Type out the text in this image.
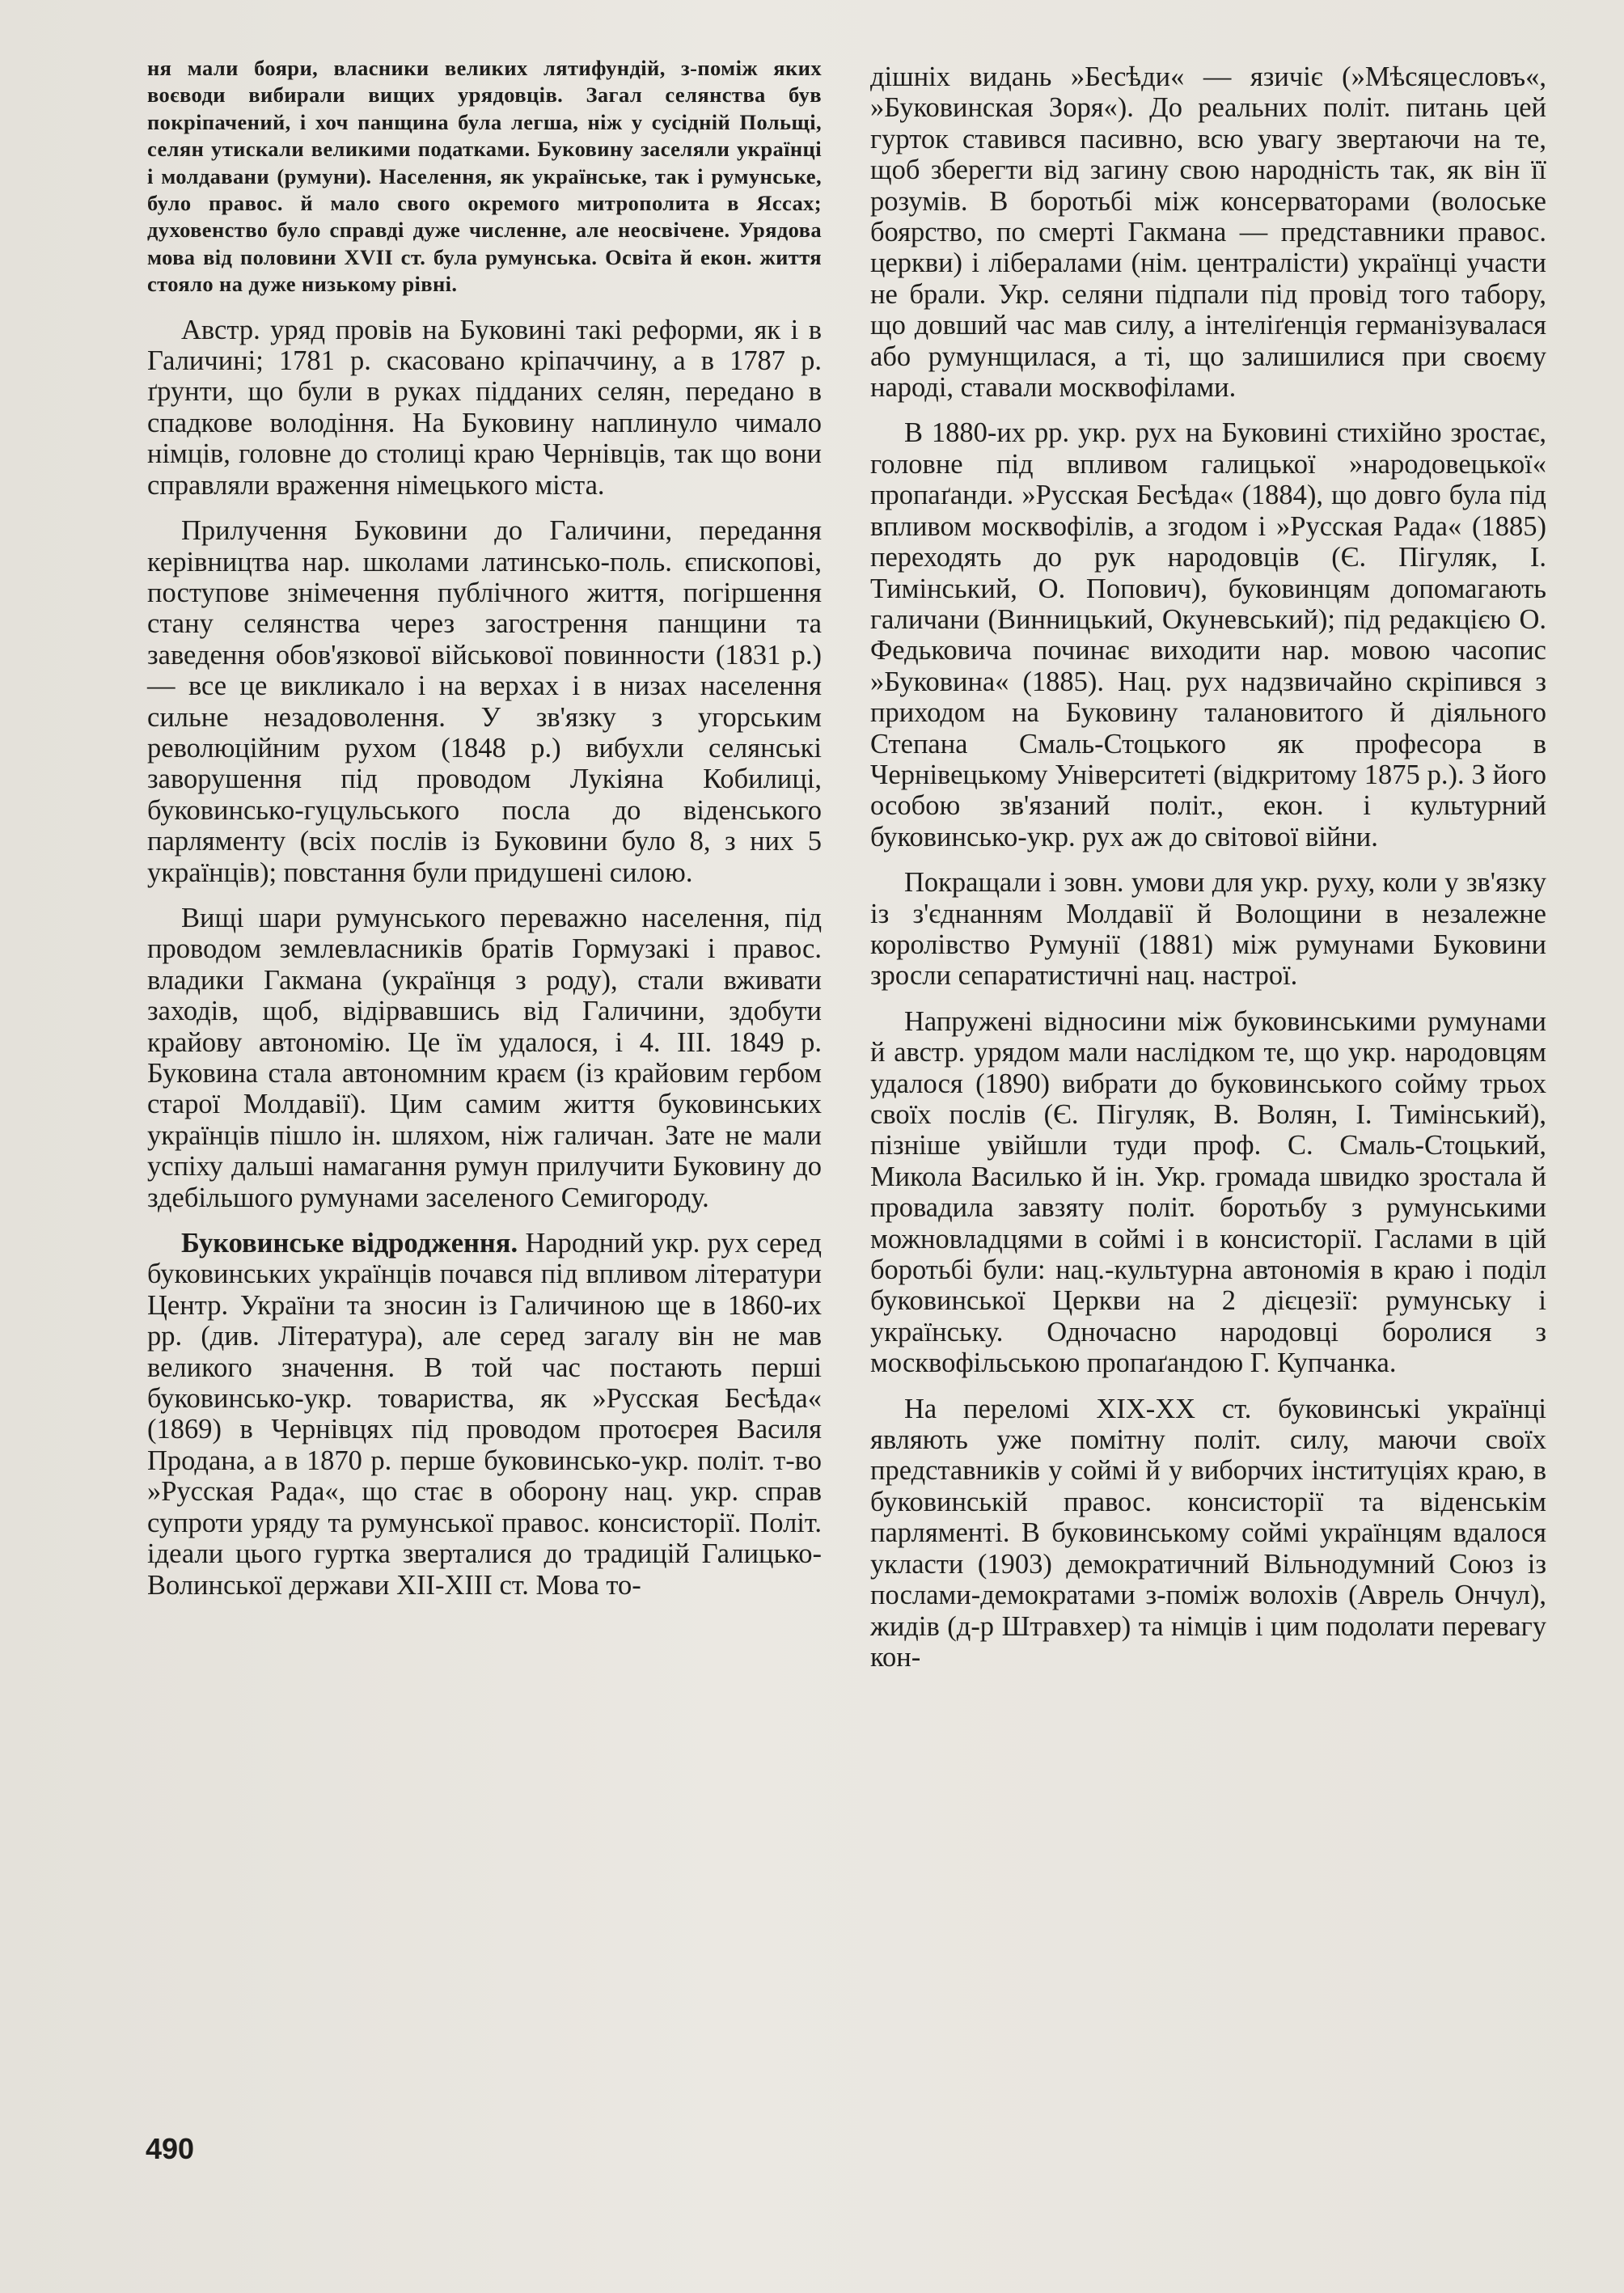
ня мали бояри, власники великих лятифундій, з-поміж яких воєводи вибирали вищих урядовців. Загал селянства був покріпачений, і хоч панщина була легша, ніж у сусідній Польщі, селян утискали великими податками. Буковину заселяли українці і молдавани (румуни). Населення, як українське, так і румунське, було правос. й мало свого окремого митрополита в Яссах; духовенство було справді дуже численне, але неосвічене. Урядова мова від половини XVII ст. була румунська. Освіта й екон. життя стояло на дуже низькому рівні.

Австр. уряд провів на Буковині такі реформи, як і в Галичині; 1781 р. скасовано кріпаччину, а в 1787 р. ґрунти, що були в руках підданих селян, передано в спадкове володіння. На Буковину наплинуло чимало німців, головне до столиці краю Чернівців, так що вони справляли враження німецького міста.

Прилучення Буковини до Галичини, передання керівництва нар. школами латинсько-поль. єпископові, поступове знімечення публічного життя, погіршення стану селянства через загострення панщини та заведення обов'язкової військової повинности (1831 р.) — все це викликало і на верхах і в низах населення сильне незадоволення. У зв'язку з угорським революційним рухом (1848 р.) вибухли селянські заворушення під проводом Лукіяна Кобилиці, буковинсько-гуцульського посла до віденського парляменту (всіх послів із Буковини було 8, з них 5 українців); повстання були придушені силою.

Вищі шари румунського переважно населення, під проводом землевласників братів Гормузакі і правос. владики Гакмана (українця з роду), стали вживати заходів, щоб, відірвавшись від Галичини, здобути крайову автономію. Це їм удалося, і 4. III. 1849 р. Буковина стала автономним краєм (із крайовим гербом старої Молдавії). Цим самим життя буковинських українців пішло ін. шляхом, ніж галичан. Зате не мали успіху дальші намагання румун прилучити Буковину до здебільшого румунами заселеного Семигороду.

Буковинське відродження. Народний укр. рух серед буковинських українців почався під впливом літератури Центр. України та зносин із Галичиною ще в 1860-их рр. (див. Література), але серед загалу він не мав великого значення. В той час постають перші буковинсько-укр. товариства, як »Русская Бесѣда« (1869) в Чернівцях під проводом протоєрея Василя Продана, а в 1870 р. перше буковинсько-укр. політ. т-во »Русская Рада«, що стає в оборону нац. укр. справ супроти уряду та румунської правос. консисторії. Політ. ідеали цього гуртка зверталися до традицій Галицько-Волинської держави XII-XIII ст. Мова то-

дішніх видань »Бесѣди« — язичіє (»Мѣсяцесловъ«, »Буковинская Зоря«). До реальних політ. питань цей гурток ставився пасивно, всю увагу звертаючи на те, щоб зберегти від загину свою народність так, як він її розумів. В боротьбі між консерваторами (волоське боярство, по смерті Гакмана — представники правос. церкви) і лібералами (нім. централісти) українці участи не брали. Укр. селяни підпали під провід того табору, що довший час мав силу, а інтеліґенція германізувалася або румунщилася, а ті, що залишилися при своєму народі, ставали москвофілами.

В 1880-их рр. укр. рух на Буковині стихійно зростає, головне під впливом галицької »народовецької« пропаґанди. »Русская Бесѣда« (1884), що довго була під впливом москвофілів, а згодом і »Русская Рада« (1885) переходять до рук народовців (Є. Пігуляк, І. Тимінський, О. Попович), буковинцям допомагають галичани (Винницький, Окуневський); під редакцією О. Федьковича починає виходити нар. мовою часопис »Буковина« (1885). Нац. рух надзвичайно скріпився з приходом на Буковину талановитого й діяльного Степана Смаль-Стоцького як професора в Чернівецькому Університеті (відкритому 1875 р.). З його особою зв'язаний політ., екон. і культурний буковинсько-укр. рух аж до світової війни.

Покращали і зовн. умови для укр. руху, коли у зв'язку із з'єднанням Молдавії й Волощини в незалежне королівство Румунії (1881) між румунами Буковини зросли сепаратистичні нац. настрої.

Напружені відносини між буковинськими румунами й австр. урядом мали наслідком те, що укр. народовцям удалося (1890) вибрати до буковинського сойму трьох своїх послів (Є. Пігуляк, В. Волян, І. Тимінський), пізніше увійшли туди проф. С. Смаль-Стоцький, Микола Василько й ін. Укр. громада швидко зростала й провадила завзяту політ. боротьбу з румунськими можновладцями в соймі і в консисторії. Гаслами в цій боротьбі були: нац.-культурна автономія в краю і поділ буковинської Церкви на 2 дієцезії: румунську і українську. Одночасно народовці боролися з москвофільською пропаґандою Г. Купчанка.

На переломі XIX-XX ст. буковинські українці являють уже помітну політ. силу, маючи своїх представників у соймі й у виборчих інституціях краю, в буковинській правос. консисторії та віденськім парляменті. В буковинському соймі українцям вдалося укласти (1903) демократичний Вільнодумний Союз із послами-демократами з-поміж волохів (Аврель Ончул), жидів (д-р Штравхер) та німців і цим подолати перевагу кон-

490
